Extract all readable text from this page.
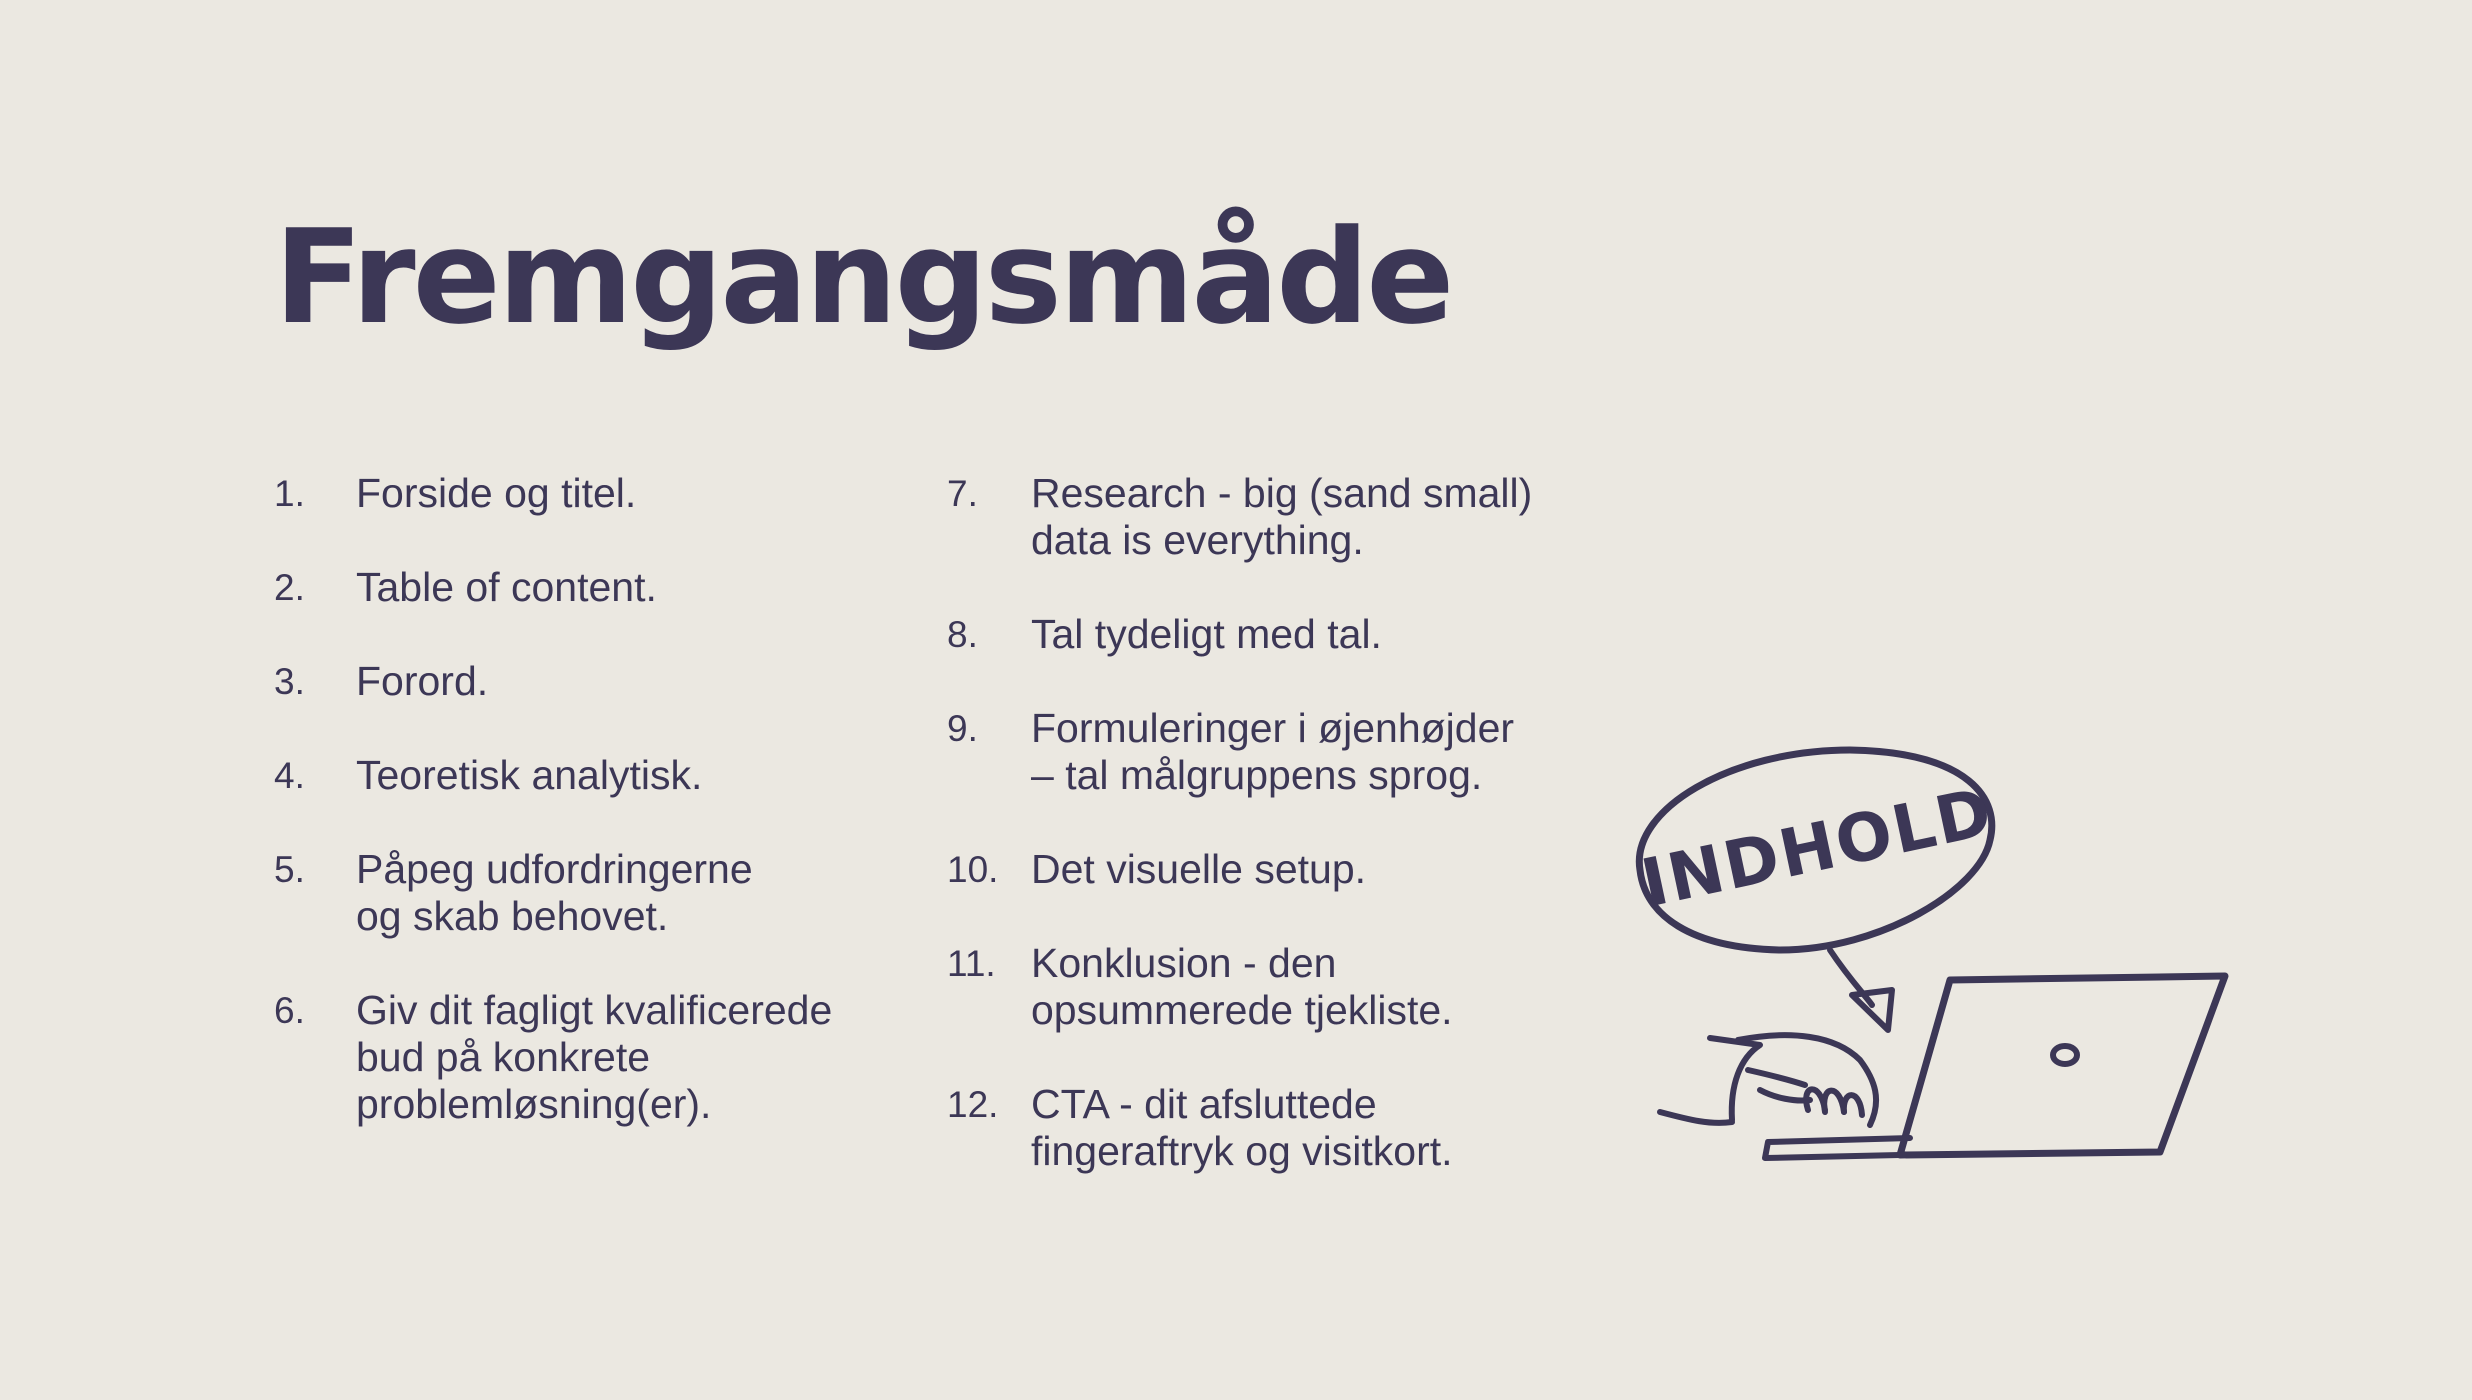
Fremgangsmåde
1.	Forside og titel.
2.	Table of content.
3.	Forord.
4.	Teoretisk analytisk.
5.	Påpeg udfordringerne
og skab behovet.
6.	Giv dit fagligt kvalificerede
bud på konkrete
problemløsning(er).
7.	Research - big (sand small)
data is everything.
8.	Tal tydeligt med tal.
9.	Formuleringer i øjenhøjder
– tal målgruppens sprog.
10. Det visuelle setup.
11. Konklusion - den
opsummerede tjekliste.
12. CTA - dit afsluttede
fingeraftryk og visitkort.
INDHOLD
